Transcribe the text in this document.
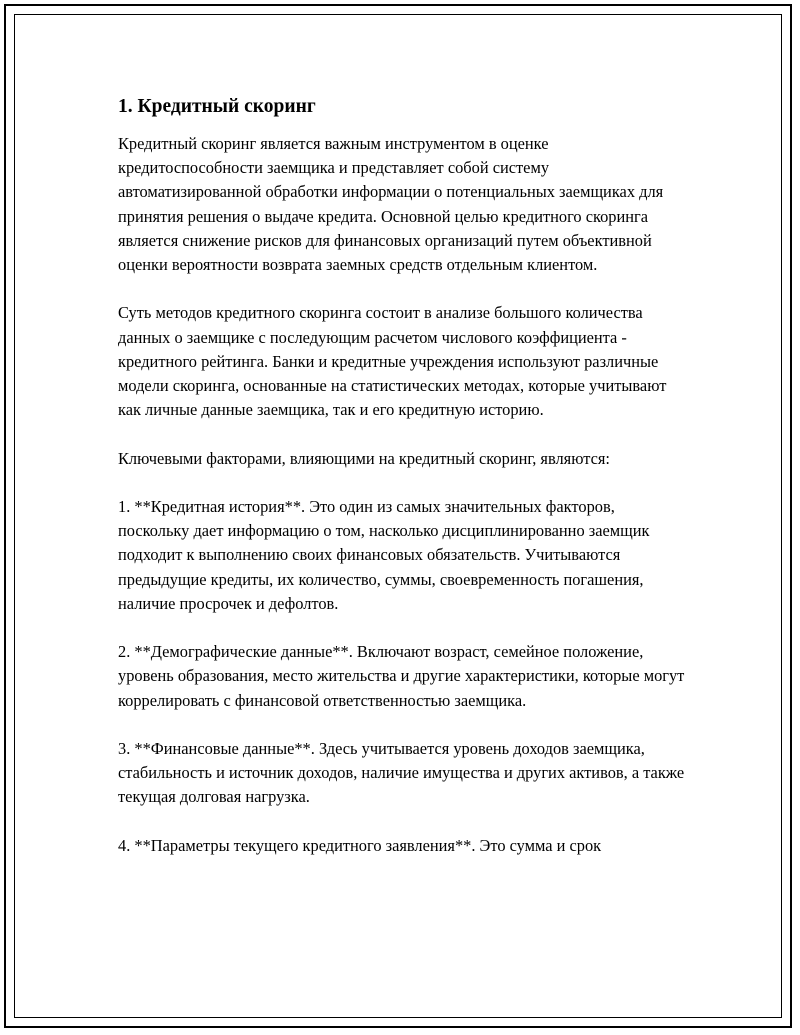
1. Кредитный скоринг

Кредитный скоринг является важным инструментом в оценке кредитоспособности заемщика и представляет собой систему автоматизированной обработки информации о потенциальных заемщиках для принятия решения о выдаче кредита. Основной целью кредитного скоринга является снижение рисков для финансовых организаций путем объективной оценки вероятности возврата заемных средств отдельным клиентом.

Суть методов кредитного скоринга состоит в анализе большого количества данных о заемщике с последующим расчетом числового коэффициента - кредитного рейтинга. Банки и кредитные учреждения используют различные модели скоринга, основанные на статистических методах, которые учитывают как личные данные заемщика, так и его кредитную историю.

Ключевыми факторами, влияющими на кредитный скоринг, являются:

1. **Кредитная история**. Это один из самых значительных факторов, поскольку дает информацию о том, насколько дисциплинированно заемщик подходит к выполнению своих финансовых обязательств. Учитываются предыдущие кредиты, их количество, суммы, своевременность погашения, наличие просрочек и дефолтов.

2. **Демографические данные**. Включают возраст, семейное положение, уровень образования, место жительства и другие характеристики, которые могут коррелировать с финансовой ответственностью заемщика.

3. **Финансовые данные**. Здесь учитывается уровень доходов заемщика, стабильность и источник доходов, наличие имущества и других активов, а также текущая долговая нагрузка.

4. **Параметры текущего кредитного заявления**. Это сумма и срок
